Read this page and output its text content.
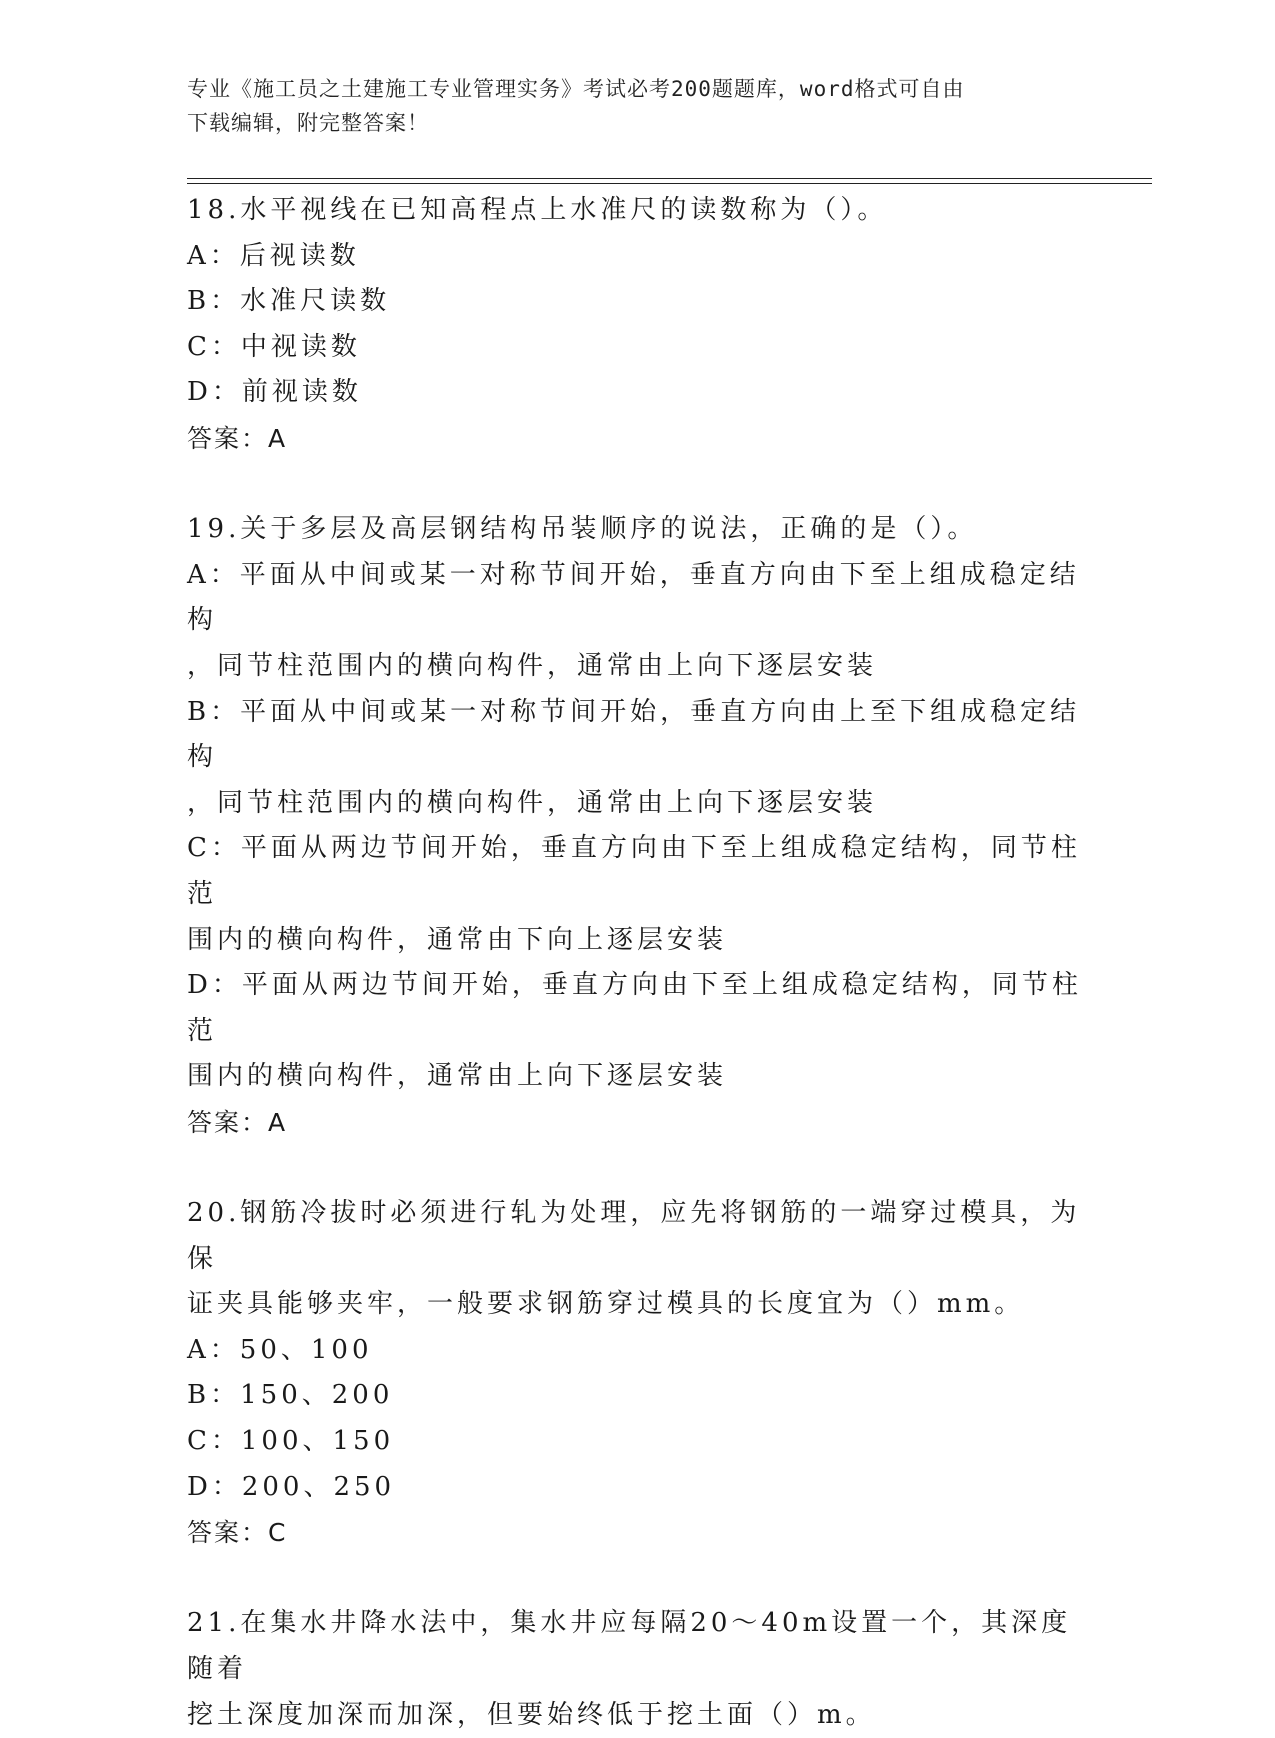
专业《施工员之土建施工专业管理实务》考试必考200题题库，word格式可自由
下载编辑，附完整答案！
18.水平视线在已知高程点上水准尺的读数称为（）。
A：后视读数
B：水准尺读数
C：中视读数
D：前视读数
答案：A
19.关于多层及高层钢结构吊装顺序的说法，正确的是（）。
A：平面从中间或某一对称节间开始，垂直方向由下至上组成稳定结构
，同节柱范围内的横向构件，通常由上向下逐层安装
B：平面从中间或某一对称节间开始，垂直方向由上至下组成稳定结构
，同节柱范围内的横向构件，通常由上向下逐层安装
C：平面从两边节间开始，垂直方向由下至上组成稳定结构，同节柱范
围内的横向构件，通常由下向上逐层安装
D：平面从两边节间开始，垂直方向由下至上组成稳定结构，同节柱范
围内的横向构件，通常由上向下逐层安装
答案：A
20.钢筋冷拔时必须进行轧为处理，应先将钢筋的一端穿过模具，为保
证夹具能够夹牢，一般要求钢筋穿过模具的长度宜为（）mm。
A：50、100
B：150、200
C：100、150
D：200、250
答案：C
21.在集水井降水法中，集水井应每隔20～40m设置一个，其深度随着
挖土深度加深而加深，但要始终低于挖土面（）m。
